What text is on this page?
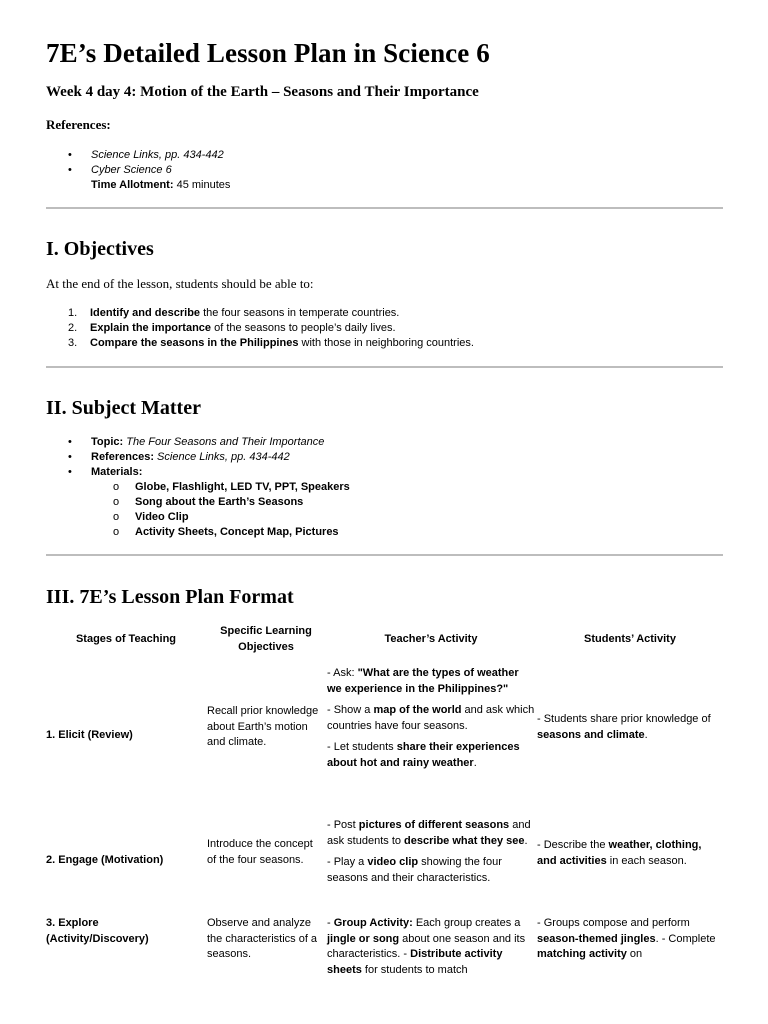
7E’s Detailed Lesson Plan in Science 6

Week 4 day 4: Motion of the Earth – Seasons and Their Importance

References:
• Science Links, pp. 434-442
• Cyber Science 6
Time Allotment: 45 minutes
I. Objectives
At the end of the lesson, students should be able to:
1. Identify and describe the four seasons in temperate countries.
2. Explain the importance of the seasons to people’s daily lives.
3. Compare the seasons in the Philippines with those in neighboring countries.
II. Subject Matter
• Topic: The Four Seasons and Their Importance
• References: Science Links, pp. 434-442
• Materials:
o Globe, Flashlight, LED TV, PPT, Speakers
o Song about the Earth’s Seasons
o Video Clip
o Activity Sheets, Concept Map, Pictures
III. 7E’s Lesson Plan Format
Stages of Teaching
Specific Learning Objectives
Teacher’s Activity	Students’ Activity
1. Elicit (Review)
Recall prior knowledge about Earth’s motion and climate.
- Ask: "What are the types of weather we experience in the Philippines?"
- Show a map of the world and ask which countries have four seasons.
- Let students share their experiences about hot and rainy weather.
- Students share prior knowledge of seasons and climate.
2. Engage (Motivation)
Introduce the concept of the four seasons.
- Post pictures of different seasons and ask students to describe what they see.
- Play a video clip showing the four seasons and their characteristics.
- Describe the weather, clothing, and activities in each season.
3. Explore (Activity/Discovery)
Observe and analyze the characteristics of a seasons.
- Group Activity: Each group creates a jingle or song about one season and its characteristics. - Distribute activity sheets for students to match
- Groups compose and perform season-themed jingles. - Complete matching activity on
